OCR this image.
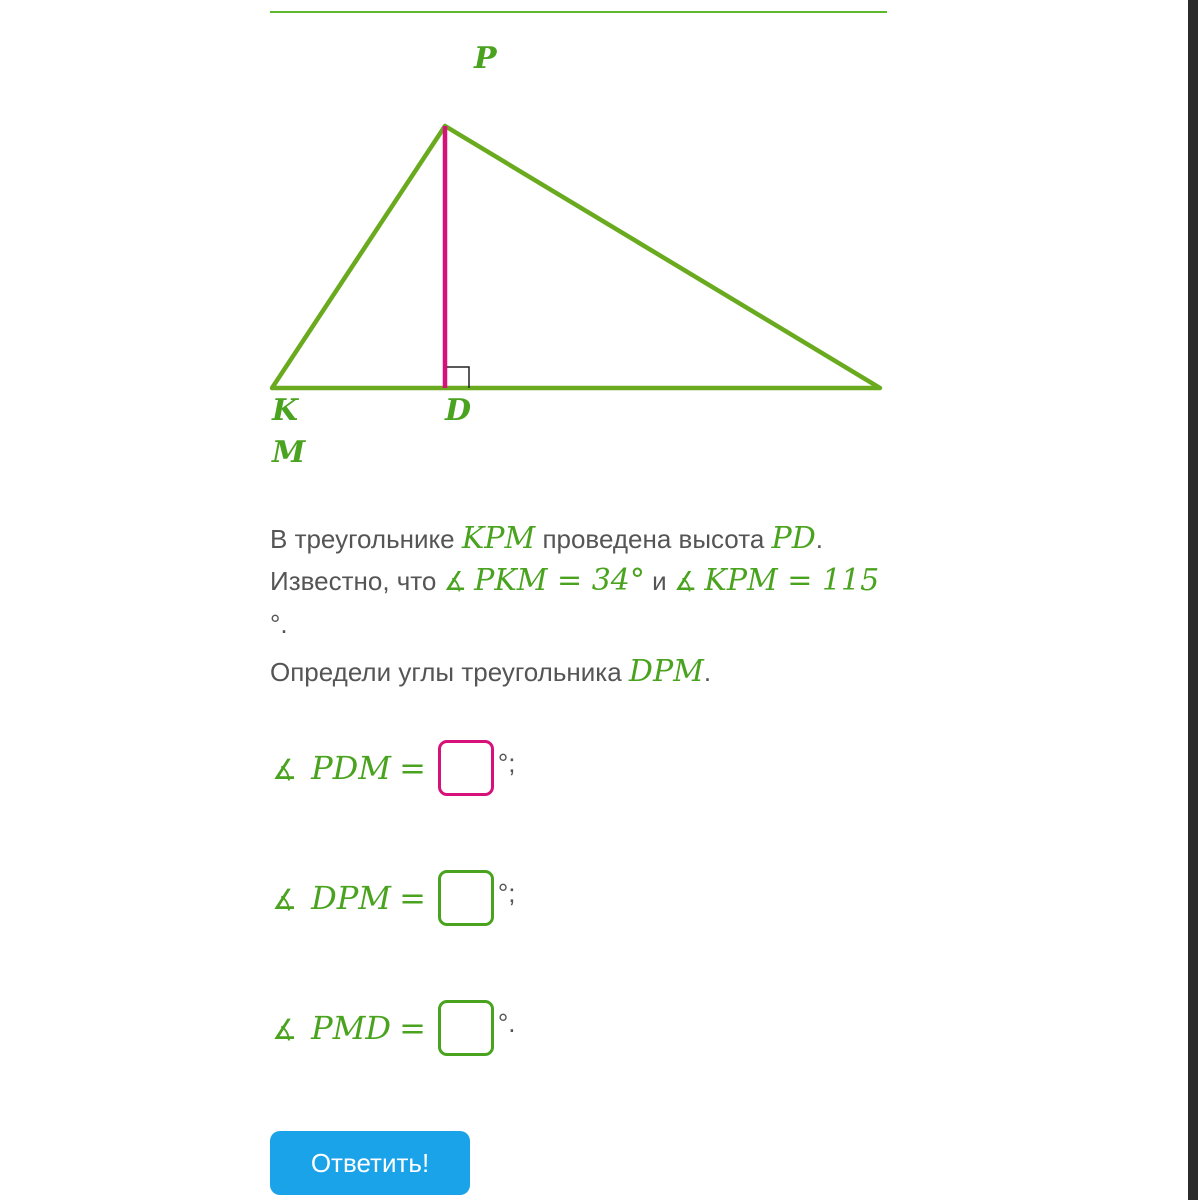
P
K	D
M

В треугольнике KPM проведена высота PD.

Известно, что ∡ PKM = 34° и ∡ KPM = 115

°.

Определи углы треугольника DPM.

∡ PDM =	°;
∡ DPM =	°;
∡ PMD =	°.
Ответить!
